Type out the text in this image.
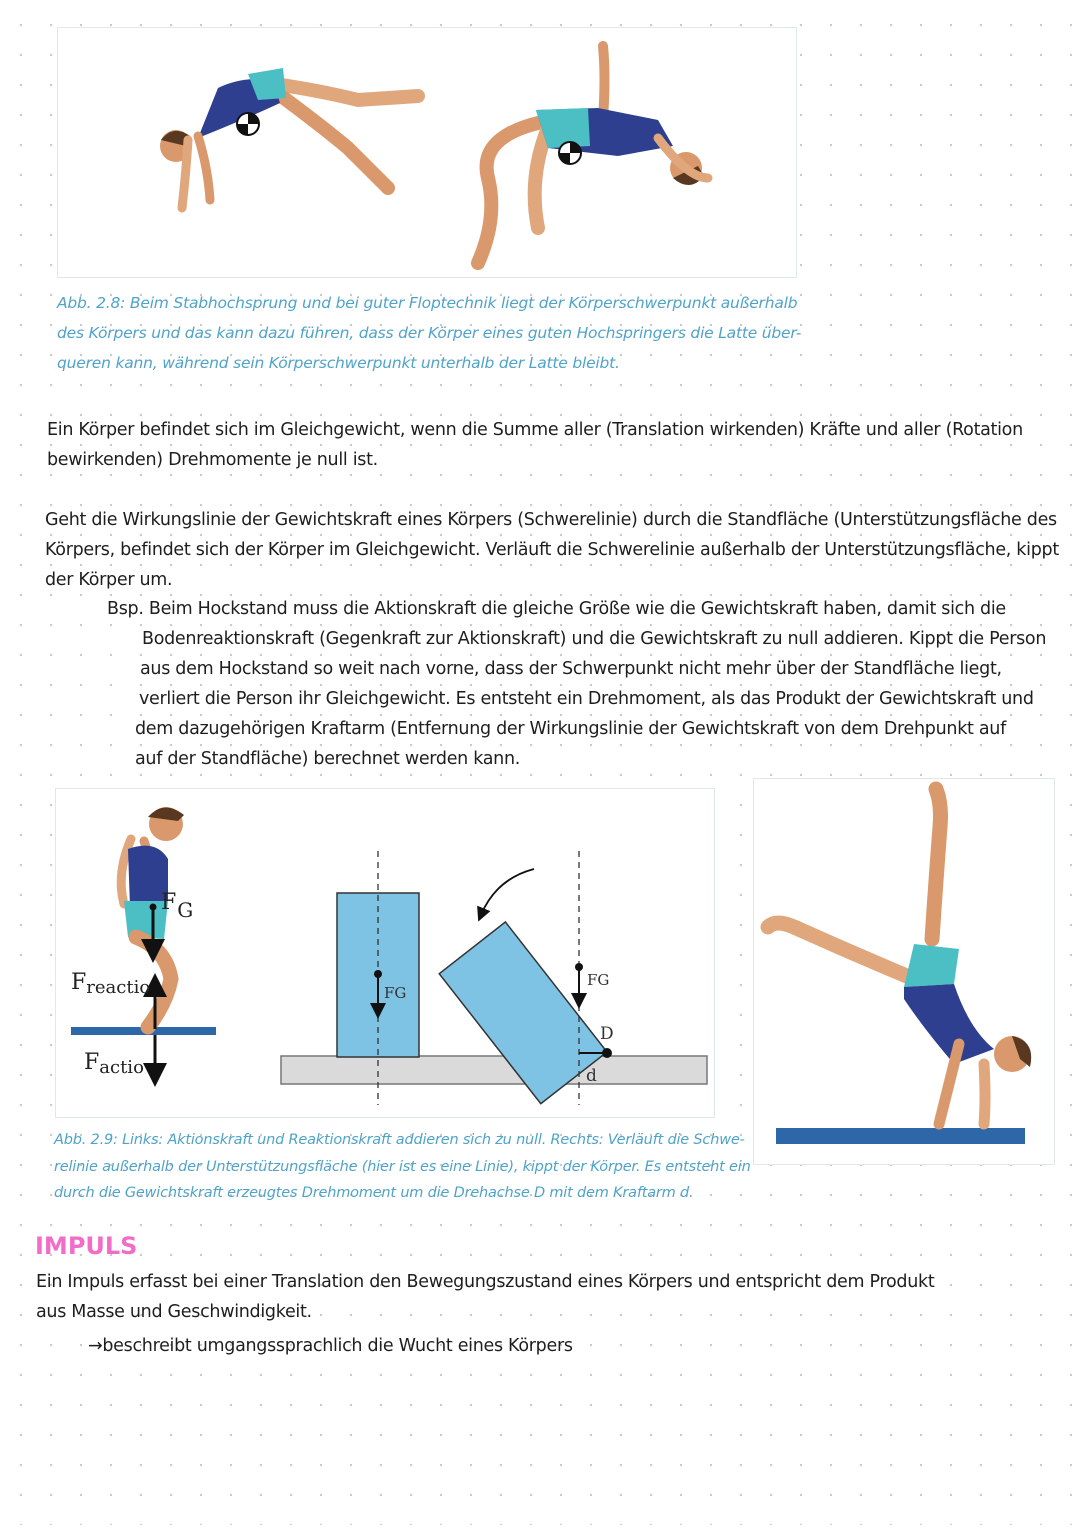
Abb. 2.8: Beim Stabhochsprung und bei guter Floptechnik liegt der Körperschwerpunkt außerhalb
des Körpers und das kann dazu führen, dass der Körper eines guten Hochspringers die Latte über-
queren kann, während sein Körperschwerpunkt unterhalb der Latte bleibt.
Ein Körper befindet sich im Gleichgewicht, wenn die Summe aller (Translation wirkenden) Kräfte und aller (Rotation
bewirkenden) Drehmomente je null ist.
Geht die Wirkungslinie der Gewichtskraft eines Körpers (Schwerelinie) durch die Standfläche (Unterstützungsfläche des
Körpers, befindet sich der Körper im Gleichgewicht. Verläuft die Schwerelinie außerhalb der Unterstützungsfläche, kippt
der Körper um.
Bsp. Beim Hockstand muss die Aktionskraft die gleiche Größe wie die Gewichtskraft haben, damit sich die
Bodenreaktionskraft (Gegenkraft zur Aktionskraft) und die Gewichtskraft zu null addieren. Kippt die Person
aus dem Hockstand so weit nach vorne, dass der Schwerpunkt nicht mehr über der Standfläche liegt,
verliert die Person ihr Gleichgewicht. Es entsteht ein Drehmoment, als das Produkt der Gewichtskraft und
dem dazugehörigen Kraftarm (Entfernung der Wirkungslinie der Gewichtskraft von dem Drehpunkt auf
auf der Standfläche) berechnet werden kann.
FG
Freactio
Factio
FG
FG
D
d
Abb. 2.9: Links: Aktionskraft und Reaktionskraft addieren sich zu null. Rechts: Verläuft die Schwe-
relinie außerhalb der Unterstützungsfläche (hier ist es eine Linie), kippt der Körper. Es entsteht ein
durch die Gewichtskraft erzeugtes Drehmoment um die Drehachse D mit dem Kraftarm d.
IMPULS
Ein Impuls erfasst bei einer Translation den Bewegungszustand eines Körpers und entspricht dem Produkt
aus Masse und Geschwindigkeit.
→beschreibt umgangssprachlich die Wucht eines Körpers
